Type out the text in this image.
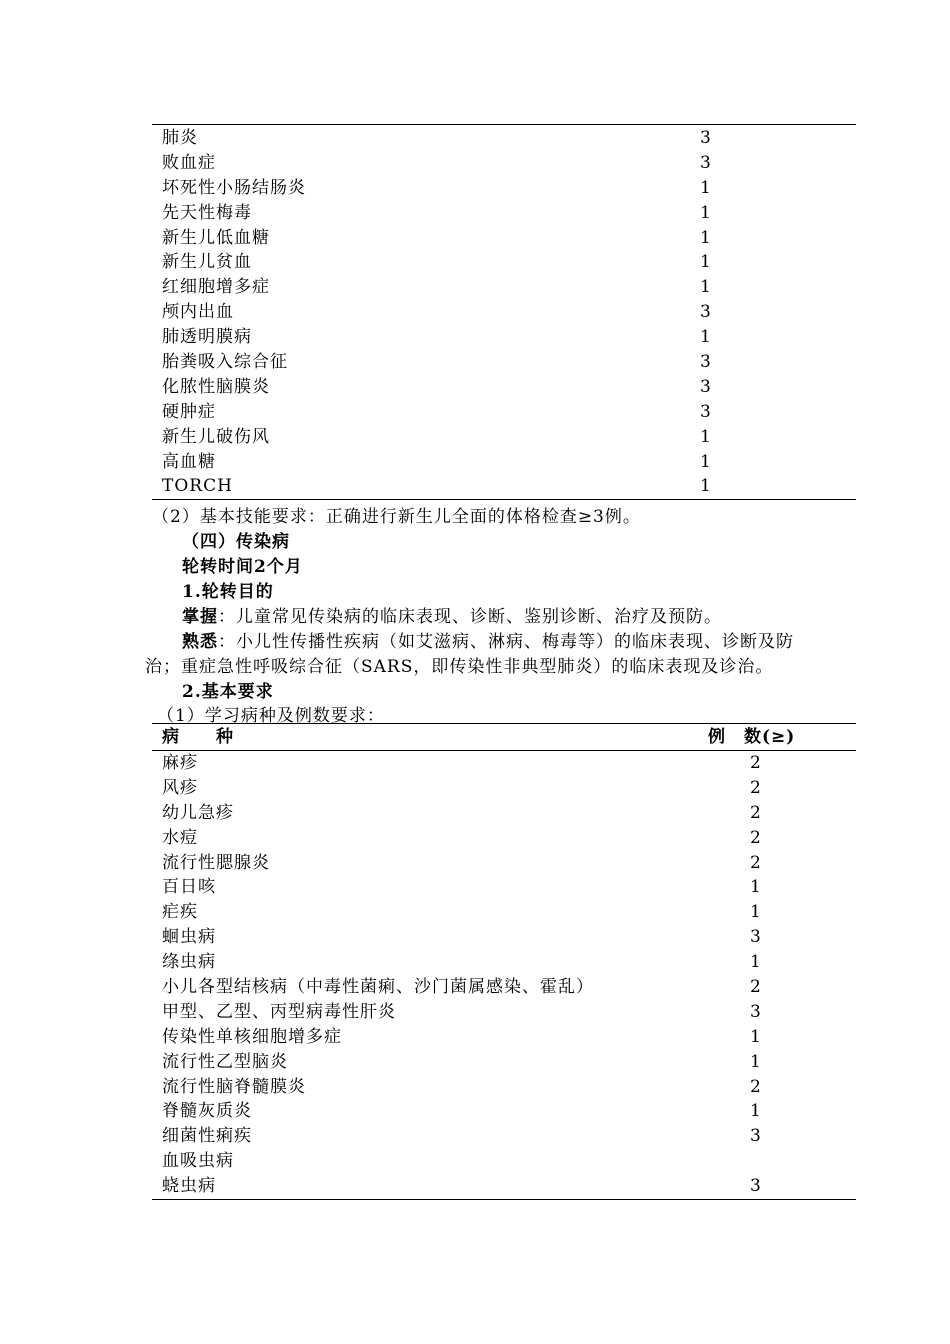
肺炎	3
败血症	3
坏死性小肠结肠炎	1
先天性梅毒	1
新生儿低血糖	1
新生儿贫血	1
红细胞增多症	1
颅内出血	3
肺透明膜病	1
胎粪吸入综合征	3
化脓性脑膜炎	3
硬肿症	3
新生儿破伤风	1
高血糖	1
TORCH	1
（2）基本技能要求：正确进行新生儿全面的体格检查≥3例。
（四）传染病
轮转时间2个月
1.轮转目的
掌握：儿童常见传染病的临床表现、诊断、鉴别诊断、治疗及预防。
熟悉：小儿性传播性疾病（如艾滋病、淋病、梅毒等）的临床表现、诊断及防
治；重症急性呼吸综合征（SARS，即传染性非典型肺炎）的临床表现及诊治。
2.基本要求
（1）学习病种及例数要求：
病　　种	例　数(≥)
麻疹	2
风疹	2
幼儿急疹	2
水痘	2
流行性腮腺炎	2
百日咳	1
疟疾	1
蛔虫病	3
绦虫病	1
小儿各型结核病（中毒性菌痢、沙门菌属感染、霍乱）	2
甲型、乙型、丙型病毒性肝炎	3
传染性单核细胞增多症	1
流行性乙型脑炎	1
流行性脑脊髓膜炎	2
脊髓灰质炎	1
细菌性痢疾	3
血吸虫病
蛲虫病	3
